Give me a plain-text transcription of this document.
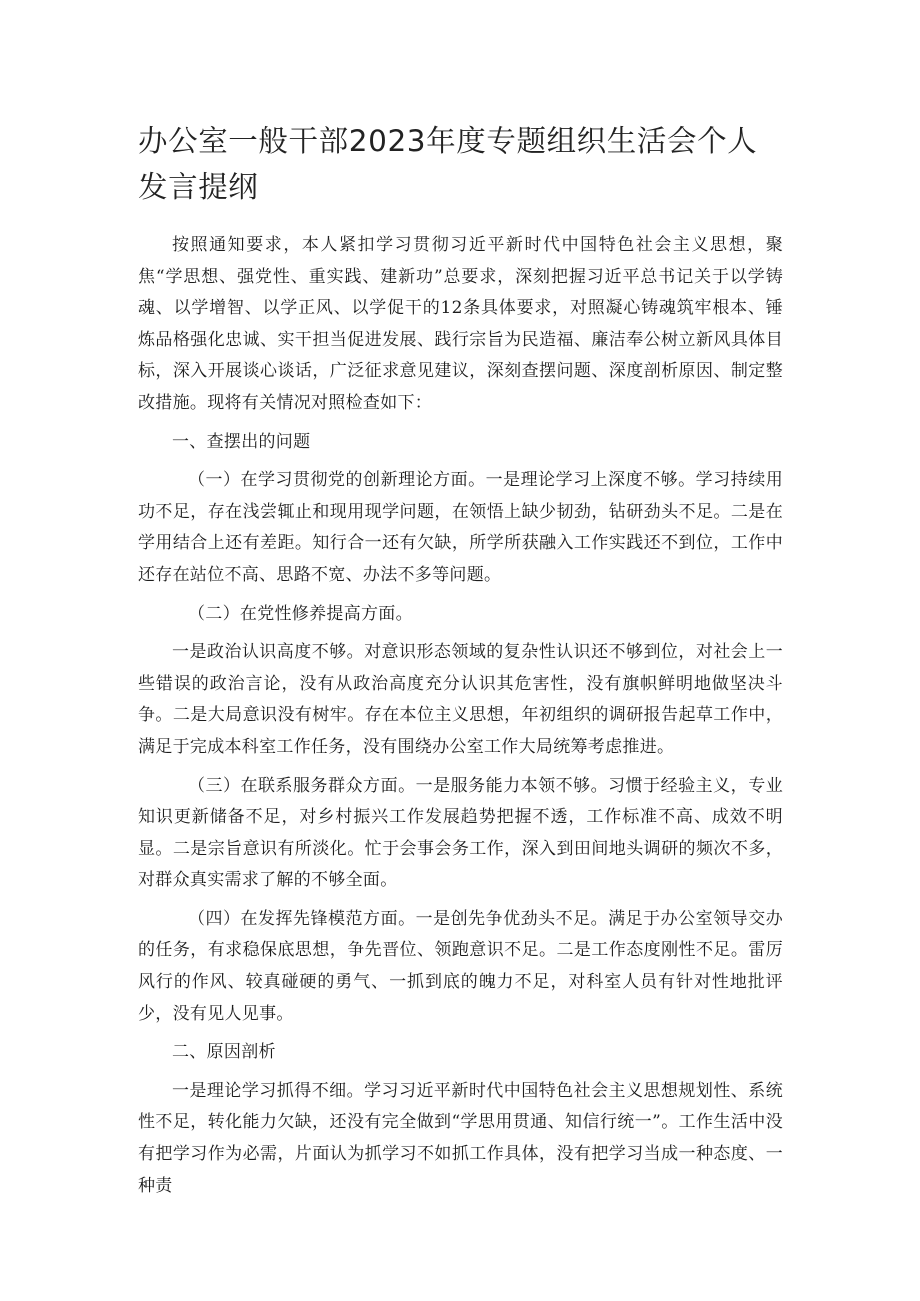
办公室一般干部2023年度专题组织生活会个人发言提纲

按照通知要求，本人紧扣学习贯彻习近平新时代中国特色社会主义思想，聚焦“学思想、强党性、重实践、建新功”总要求，深刻把握习近平总书记关于以学铸魂、以学增智、以学正风、以学促干的12条具体要求，对照凝心铸魂筑牢根本、锤炼品格强化忠诚、实干担当促进发展、践行宗旨为民造福、廉洁奉公树立新风具体目标，深入开展谈心谈话，广泛征求意见建议，深刻查摆问题、深度剖析原因、制定整改措施。现将有关情况对照检查如下：

一、查摆出的问题

（一）在学习贯彻党的创新理论方面。一是理论学习上深度不够。学习持续用功不足，存在浅尝辄止和现用现学问题，在领悟上缺少韧劲，钻研劲头不足。二是在学用结合上还有差距。知行合一还有欠缺，所学所获融入工作实践还不到位，工作中还存在站位不高、思路不宽、办法不多等问题。

（二）在党性修养提高方面。

一是政治认识高度不够。对意识形态领域的复杂性认识还不够到位，对社会上一些错误的政治言论，没有从政治高度充分认识其危害性，没有旗帜鲜明地做坚决斗争。二是大局意识没有树牢。存在本位主义思想，年初组织的调研报告起草工作中，满足于完成本科室工作任务，没有围绕办公室工作大局统筹考虑推进。

（三）在联系服务群众方面。一是服务能力本领不够。习惯于经验主义，专业知识更新储备不足，对乡村振兴工作发展趋势把握不透，工作标准不高、成效不明显。二是宗旨意识有所淡化。忙于会事会务工作，深入到田间地头调研的频次不多，对群众真实需求了解的不够全面。

（四）在发挥先锋模范方面。一是创先争优劲头不足。满足于办公室领导交办的任务，有求稳保底思想，争先晋位、领跑意识不足。二是工作态度刚性不足。雷厉风行的作风、较真碰硬的勇气、一抓到底的魄力不足，对科室人员有针对性地批评少，没有见人见事。

二、原因剖析

一是理论学习抓得不细。学习习近平新时代中国特色社会主义思想规划性、系统性不足，转化能力欠缺，还没有完全做到“学思用贯通、知信行统一”。工作生活中没有把学习作为必需，片面认为抓学习不如抓工作具体，没有把学习当成一种态度、一种责
